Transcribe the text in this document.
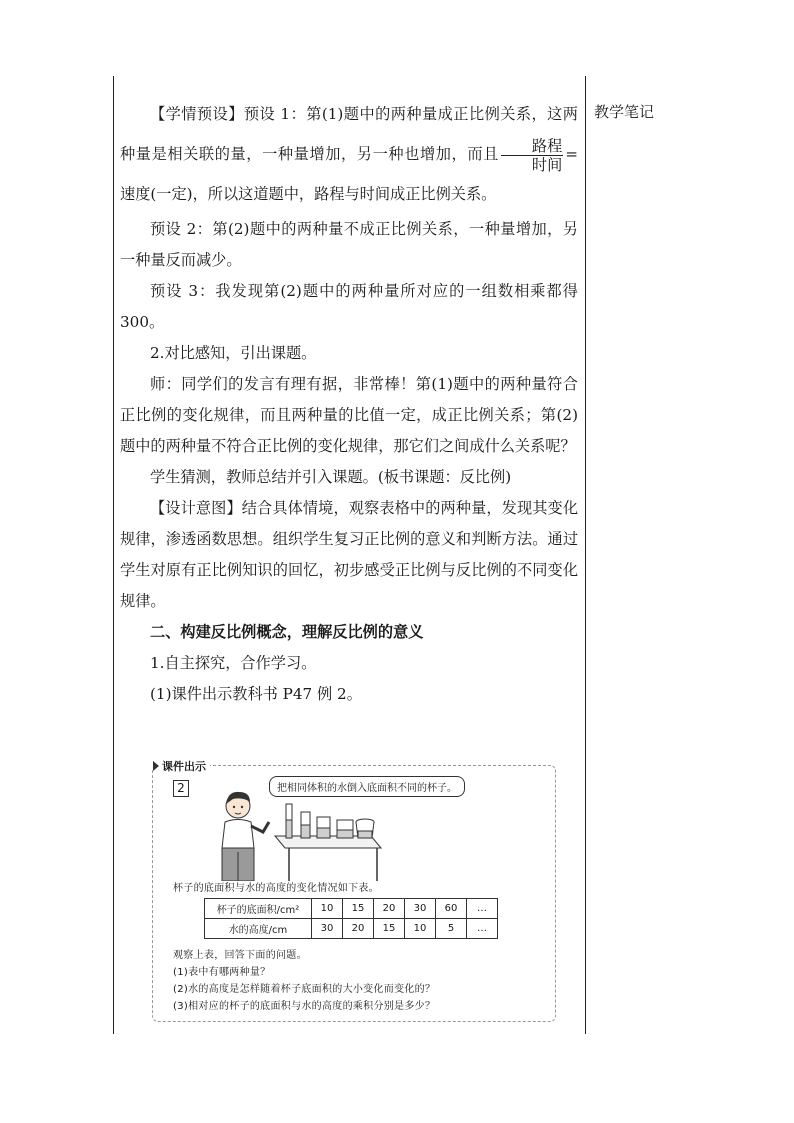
教学笔记

【学情预设】预设 1：第(1)题中的两种量成正比例关系，这两种量是相关联的量，一种量增加，另一种也增加，而且 $\frac{\text{路程}}{\text{时间}}$ =速度(一定)，所以这道题中，路程与时间成正比例关系。

预设 2：第(2)题中的两种量不成正比例关系，一种量增加，另一种量反而减少。

预设 3：我发现第(2)题中的两种量所对应的一组数相乘都得 300。

2.对比感知，引出课题。

师：同学们的发言有理有据，非常棒！第(1)题中的两种量符合正比例的变化规律，而且两种量的比值一定，成正比例关系；第(2)题中的两种量不符合正比例的变化规律，那它们之间成什么关系呢？

学生猜测，教师总结并引入课题。(板书课题：反比例)

【设计意图】结合具体情境，观察表格中的两种量，发现其变化规律，渗透函数思想。组织学生复习正比例的意义和判断方法。通过学生对原有正比例知识的回忆，初步感受正比例与反比例的不同变化规律。

二、构建反比例概念，理解反比例的意义

1.自主探究，合作学习。

(1)课件出示教科书 P47 例 2。

课件出示
2	把相同体积的水倒入底面积不同的杯子。
杯子的底面积与水的高度的变化情况如下表。
杯子的底面积/cm²	10	15	20	30	60	…
水的高度/cm	30	20	15	10	5	…
观察上表，回答下面的问题。
(1)表中有哪两种量？
(2)水的高度是怎样随着杯子底面积的大小变化而变化的？
(3)相对应的杯子的底面积与水的高度的乘积分别是多少？
